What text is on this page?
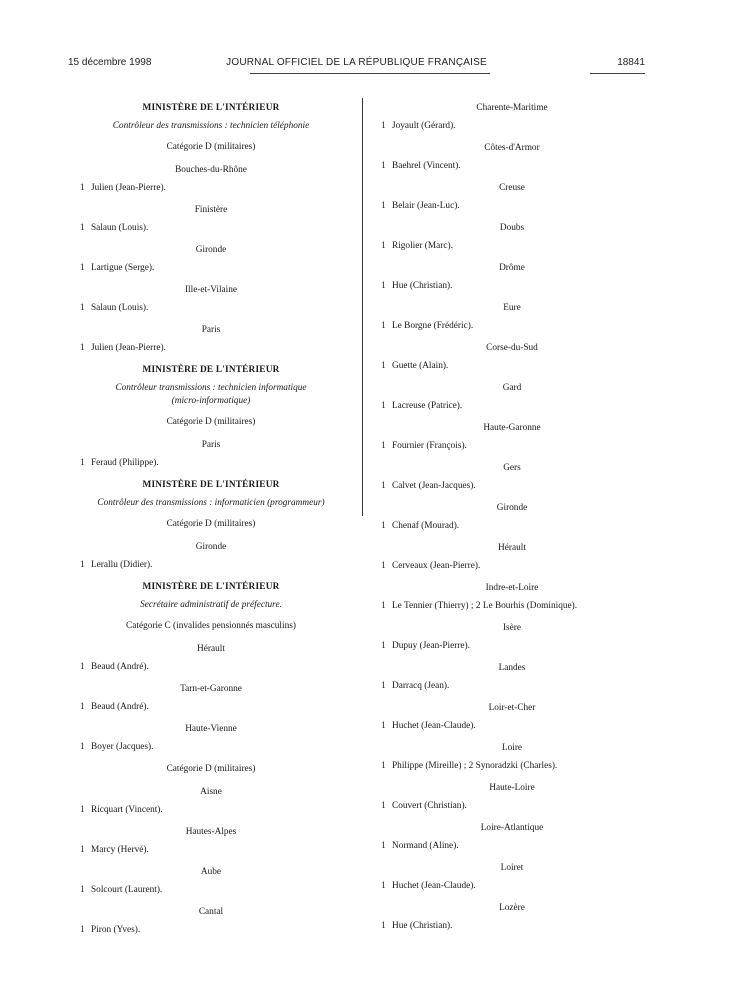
15 décembre 1998	JOURNAL OFFICIEL DE LA RÉPUBLIQUE FRANÇAISE	18841
MINISTÈRE DE L'INTÉRIEUR
Contrôleur des transmissions : technicien téléphonie
Catégorie D (militaires)
Bouches-du-Rhône
1 Julien (Jean-Pierre).
Finistère
1 Salaun (Louis).
Gironde
1 Lartigue (Serge).
Ille-et-Vilaine
1 Salaun (Louis).
Paris
1 Julien (Jean-Pierre).
MINISTÈRE DE L'INTÉRIEUR
Contrôleur transmissions : technicien informatique
(micro-informatique)
Catégorie D (militaires)
Paris
1 Feraud (Philippe).
MINISTÈRE DE L'INTÉRIEUR
Contrôleur des transmissions : informaticien (programmeur)
Catégorie D (militaires)
Gironde
1 Lerallu (Didier).
MINISTÈRE DE L'INTÉRIEUR
Secrétaire administratif de préfecture.
Catégorie C (invalides pensionnés masculins)
Hérault
1 Beaud (André).
Tarn-et-Garonne
1 Beaud (André).
Haute-Vienne
1 Boyer (Jacques).
Catégorie D (militaires)
Aisne
1 Ricquart (Vincent).
Hautes-Alpes
1 Marcy (Hervé).
Aube
1 Solcourt (Laurent).
Cantal
1 Piron (Yves).
Charente-Maritime
1 Joyault (Gérard).
Côtes-d'Armor
1 Baehrel (Vincent).
Creuse
1 Belair (Jean-Luc).
Doubs
1 Rigolier (Marc).
Drôme
1 Hue (Christian).
Eure
1 Le Borgne (Frédéric).
Corse-du-Sud
1 Guette (Alain).
Gard
1 Lacreuse (Patrice).
Haute-Garonne
1 Fournier (François).
Gers
1 Calvet (Jean-Jacques).
Gironde
1 Chenaf (Mourad).
Hérault
1 Cerveaux (Jean-Pierre).
Indre-et-Loire
1 Le Tennier (Thierry) ; 2 Le Bourhis (Dominique).
Isère
1 Dupuy (Jean-Pierre).
Landes
1 Darracq (Jean).
Loir-et-Cher
1 Huchet (Jean-Claude).
Loire
1 Philippe (Mireille) ; 2 Synoradzki (Charles).
Haute-Loire
1 Couvert (Christian).
Loire-Atlantique
1 Normand (Aline).
Loiret
1 Huchet (Jean-Claude).
Lozère
1 Hue (Christian).
